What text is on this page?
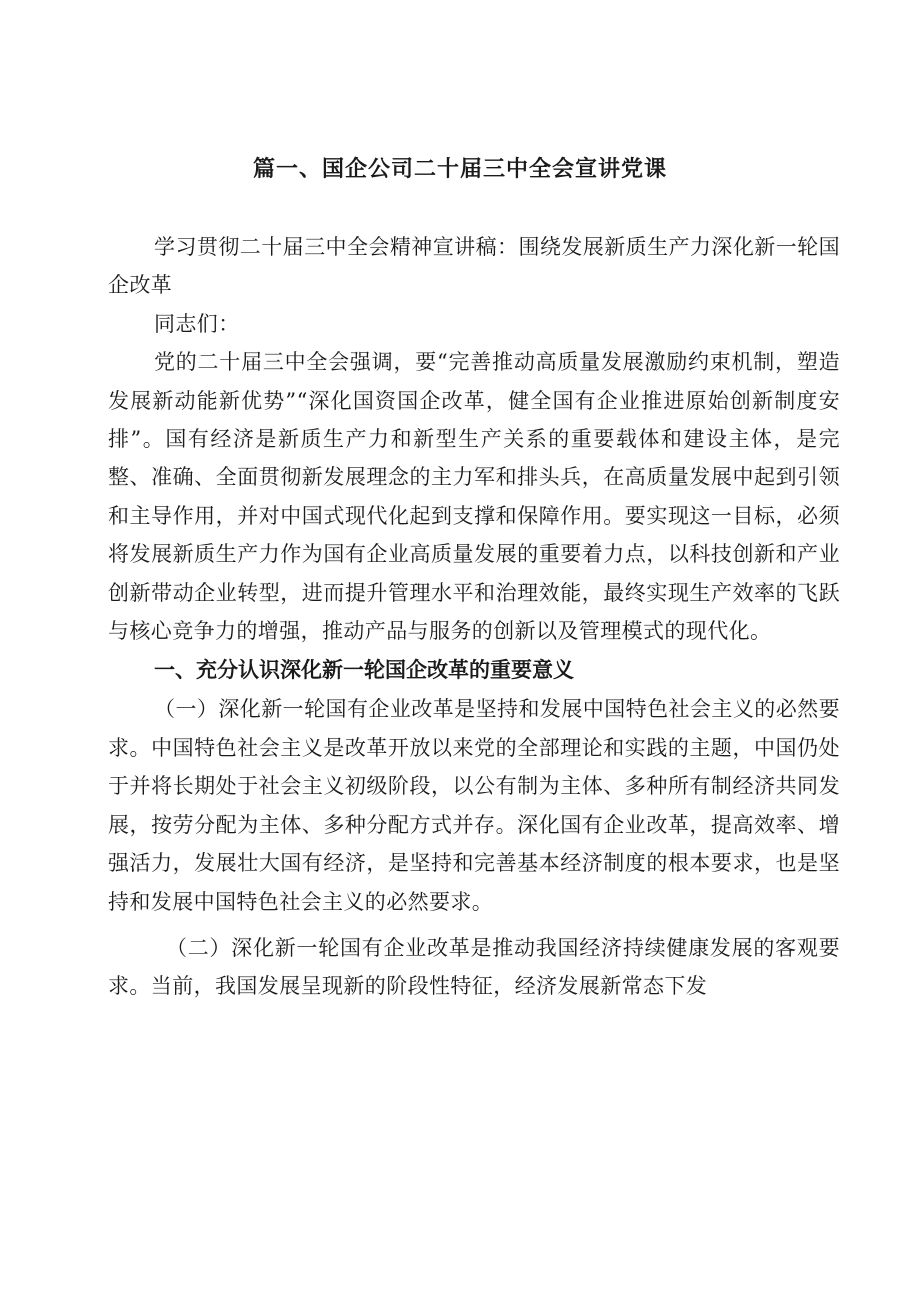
篇一、国企公司二十届三中全会宣讲党课

学习贯彻二十届三中全会精神宣讲稿：围绕发展新质生产力深化新一轮国企改革

同志们：

党的二十届三中全会强调，要“完善推动高质量发展激励约束机制，塑造发展新动能新优势”“深化国资国企改革，健全国有企业推进原始创新制度安排”。国有经济是新质生产力和新型生产关系的重要载体和建设主体，是完整、准确、全面贯彻新发展理念的主力军和排头兵，在高质量发展中起到引领和主导作用，并对中国式现代化起到支撑和保障作用。要实现这一目标，必须将发展新质生产力作为国有企业高质量发展的重要着力点，以科技创新和产业创新带动企业转型，进而提升管理水平和治理效能，最终实现生产效率的飞跃与核心竞争力的增强，推动产品与服务的创新以及管理模式的现代化。

一、充分认识深化新一轮国企改革的重要意义

（一）深化新一轮国有企业改革是坚持和发展中国特色社会主义的必然要求。中国特色社会主义是改革开放以来党的全部理论和实践的主题，中国仍处于并将长期处于社会主义初级阶段，以公有制为主体、多种所有制经济共同发展，按劳分配为主体、多种分配方式并存。深化国有企业改革，提高效率、增强活力，发展壮大国有经济，是坚持和完善基本经济制度的根本要求，也是坚持和发展中国特色社会主义的必然要求。

（二）深化新一轮国有企业改革是推动我国经济持续健康发展的客观要求。当前，我国发展呈现新的阶段性特征，经济发展新常态下发
